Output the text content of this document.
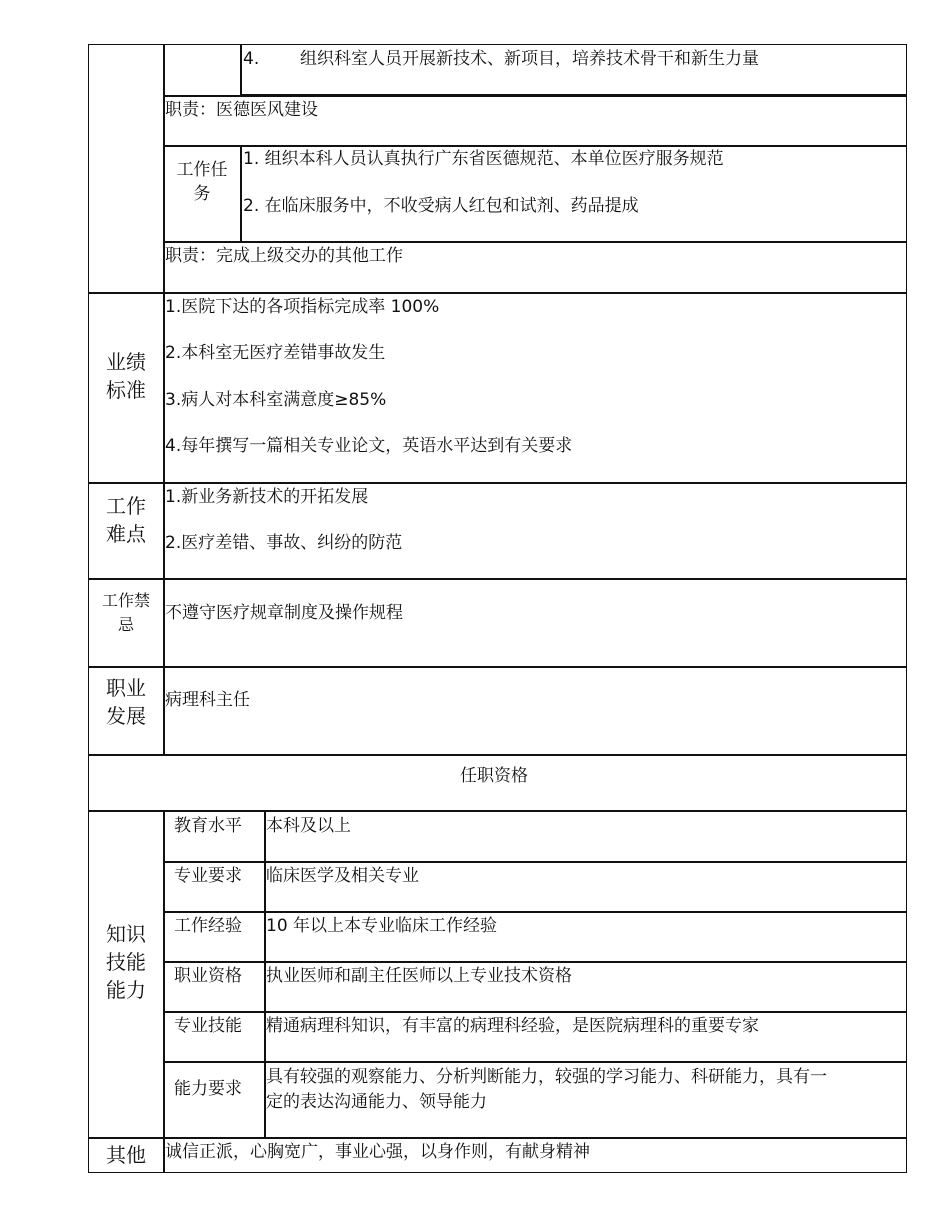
4. 组织科室人员开展新技术、新项目，培养技术骨干和新生力量
职责：医德医风建设
工作任
务
1. 组织本科人员认真执行广东省医德规范、本单位医疗服务规范
2. 在临床服务中，不收受病人红包和试剂、药品提成
职责：完成上级交办的其他工作
业绩
标准
1.医院下达的各项指标完成率 100%
2.本科室无医疗差错事故发生
3.病人对本科室满意度≥85%
4.每年撰写一篇相关专业论文，英语水平达到有关要求
工作
难点
1.新业务新技术的开拓发展
2.医疗差错、事故、纠纷的防范
工作禁
忌
不遵守医疗规章制度及操作规程
职业
发展
病理科主任
任职资格
知识
技能
能力
教育水平 本科及以上
专业要求 临床医学及相关专业
工作经验 10 年以上本专业临床工作经验
职业资格 执业医师和副主任医师以上专业技术资格
专业技能 精通病理科知识，有丰富的病理科经验，是医院病理科的重要专家
能力要求
具有较强的观察能力、分析判断能力，较强的学习能力、科研能力，具有一
定的表达沟通能力、领导能力
其他	诚信正派，心胸宽广，事业心强，以身作则，有献身精神
